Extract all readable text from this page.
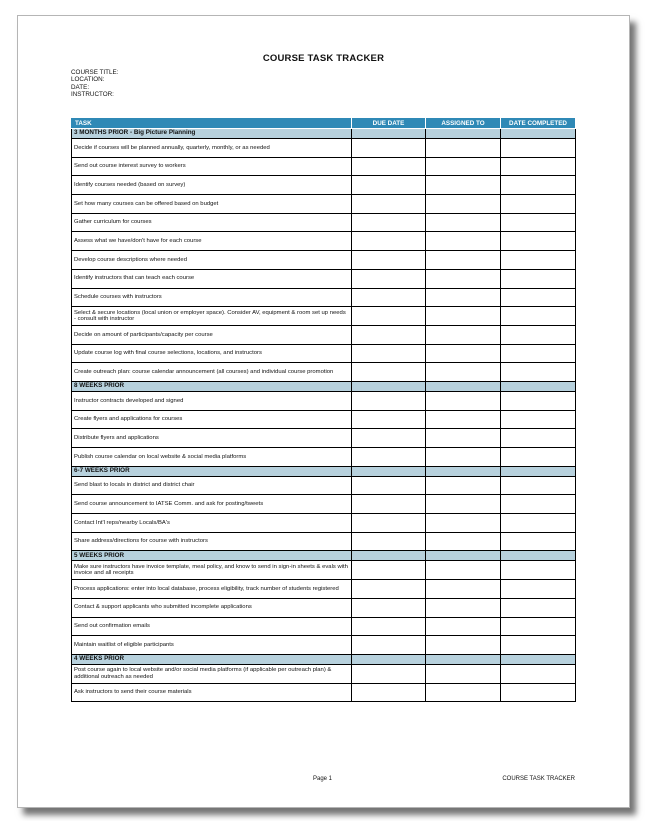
COURSE TASK TRACKER
COURSE TITLE:
LOCATION:
DATE:
INSTRUCTOR:
TASK	DUE DATE	ASSIGNED TO	DATE COMPLETED
3 MONTHS PRIOR - Big Picture Planning			
Decide if courses will be planned annually, quarterly, monthly, or as needed			
Send out course interest survey to workers			
Identify courses needed (based on survey)			
Set how many courses can be offered based on budget			
Gather curriculum for courses			
Assess what we have/don't have for each course			
Develop course descriptions where needed			
Identify instructors that can teach each course			
Schedule courses with instructors			
Select & secure locations (local union or employer space). Consider AV, equipment & room set up needs - consult with instructor			
Decide on amount of participants/capacity per course			
Update course log with final course selections, locations, and instructors			
Create outreach plan: course calendar announcement (all courses) and individual course promotion			
8 WEEKS PRIOR			
Instructor contracts developed and signed			
Create flyers and applications for courses			
Distribute flyers and applications			
Publish course calendar on local website & social media platforms			
6-7 WEEKS PRIOR			
Send blast to locals in district and district chair			
Send course announcement to IATSE Comm. and ask for posting/tweets			
Contact Int'l reps/nearby Locals/BA's			
Share address/directions for course with instructors			
5 WEEKS PRIOR			
Make sure instructors have invoice template, meal policy, and know to send in sign-in sheets & evals with invoice and all receipts			
Process applications: enter into local database, process eligibility, track number of students registered			
Contact & support applicants who submitted incomplete applications			
Send out confirmation emails			
Maintain waitlist of eligible participants			
4 WEEKS PRIOR			
Post course again to local website and/or social media platforms (if applicable per outreach plan) & additional outreach as needed			
Ask instructors to send their course materials			
Page 1	COURSE TASK TRACKER
